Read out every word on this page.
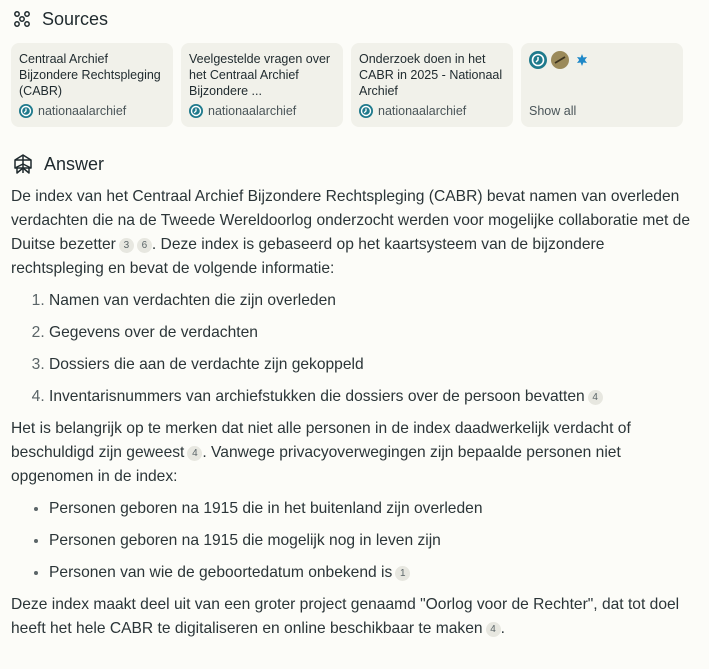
Sources
Centraal Archief Bijzondere Rechtspleging (CABR)
nationaalarchief
Veelgestelde vragen over het Centraal Archief Bijzondere ...
nationaalarchief
Onderzoek doen in het CABR in 2025 - Nationaal Archief
nationaalarchief	Show all
Answer

De index van het Centraal Archief Bijzondere Rechtspleging (CABR) bevat namen van overleden verdachten die na de Tweede Wereldoorlog onderzocht werden voor mogelijke collaboratie met de Duitse bezetter 3 6 . Deze index is gebaseerd op het kaartsysteem van de bijzondere rechtspleging en bevat de volgende informatie:

1. Namen van verdachten die zijn overleden
2. Gegevens over de verdachten
3. Dossiers die aan de verdachte zijn gekoppeld
4. Inventarisnummers van archiefstukken die dossiers over de persoon bevatten 4

Het is belangrijk op te merken dat niet alle personen in de index daadwerkelijk verdacht of beschuldigd zijn geweest 4 . Vanwege privacyoverwegingen zijn bepaalde personen niet opgenomen in de index:

• Personen geboren na 1915 die in het buitenland zijn overleden
• Personen geboren na 1915 die mogelijk nog in leven zijn
• Personen van wie de geboortedatum onbekend is 1

Deze index maakt deel uit van een groter project genaamd "Oorlog voor de Rechter", dat tot doel heeft het hele CABR te digitaliseren en online beschikbaar te maken 4 .
